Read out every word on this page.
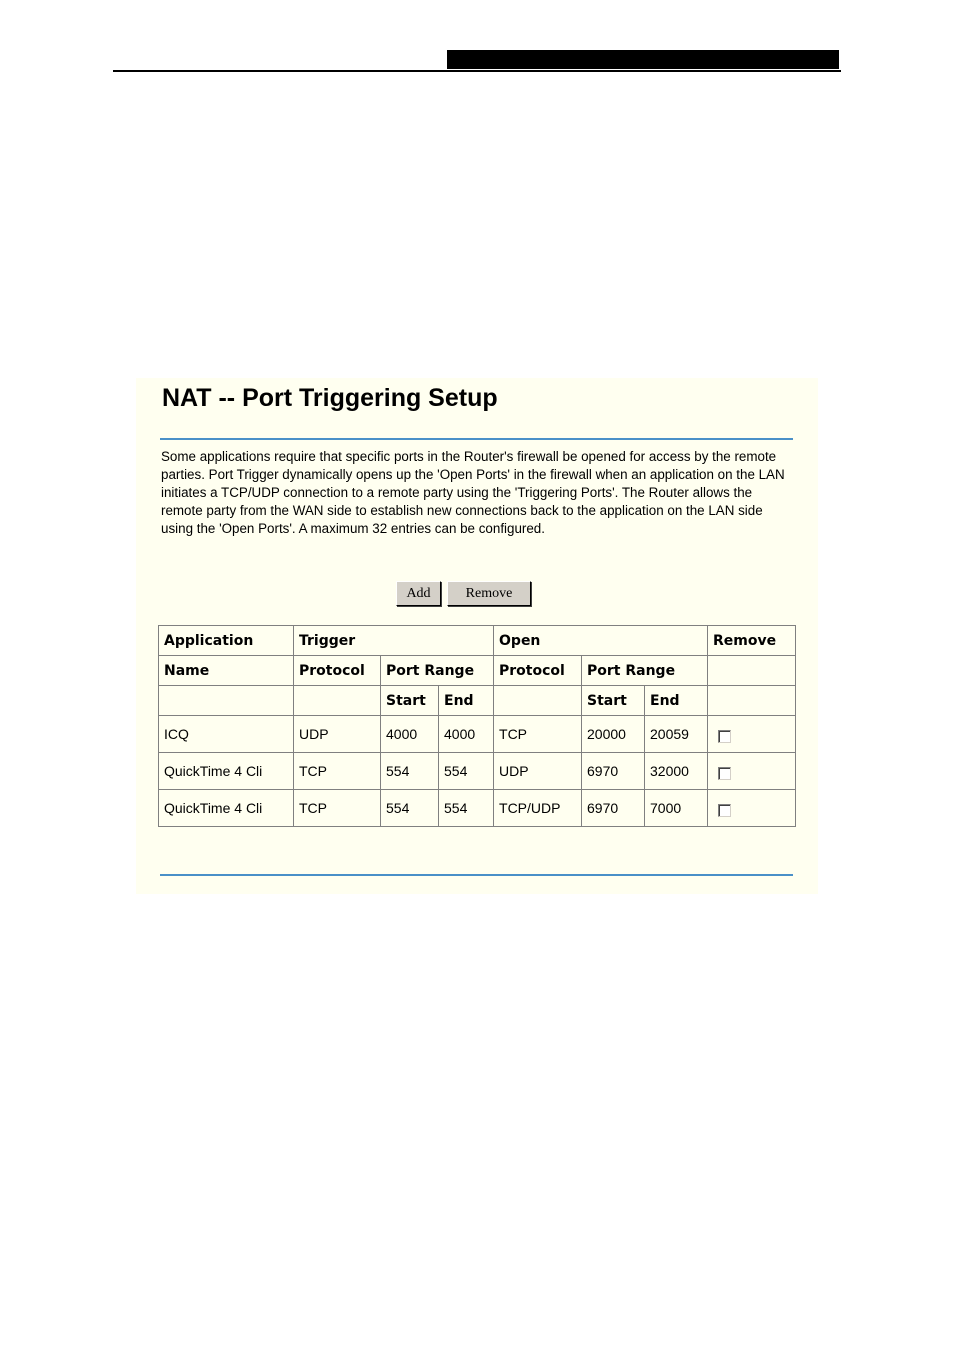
NAT -- Port Triggering Setup

Some applications require that specific ports in the Router's firewall be opened for access by the remote parties. Port Trigger dynamically opens up the 'Open Ports' in the firewall when an application on the LAN initiates a TCP/UDP connection to a remote party using the 'Triggering Ports'. The Router allows the remote party from the WAN side to establish new connections back to the application on the LAN side using the 'Open Ports'. A maximum 32 entries can be configured.

Add	Remove
Application	Trigger			Open			Remove
Name	Protocol	Port Range		Protocol	Port Range		
		Start	End		Start	End	
ICQ	UDP	4000	4000	TCP	20000	20059	
QuickTime 4 Cli	TCP	554	554	UDP	6970	32000	
QuickTime 4 Cli	TCP	554	554	TCP/UDP	6970	7000	
